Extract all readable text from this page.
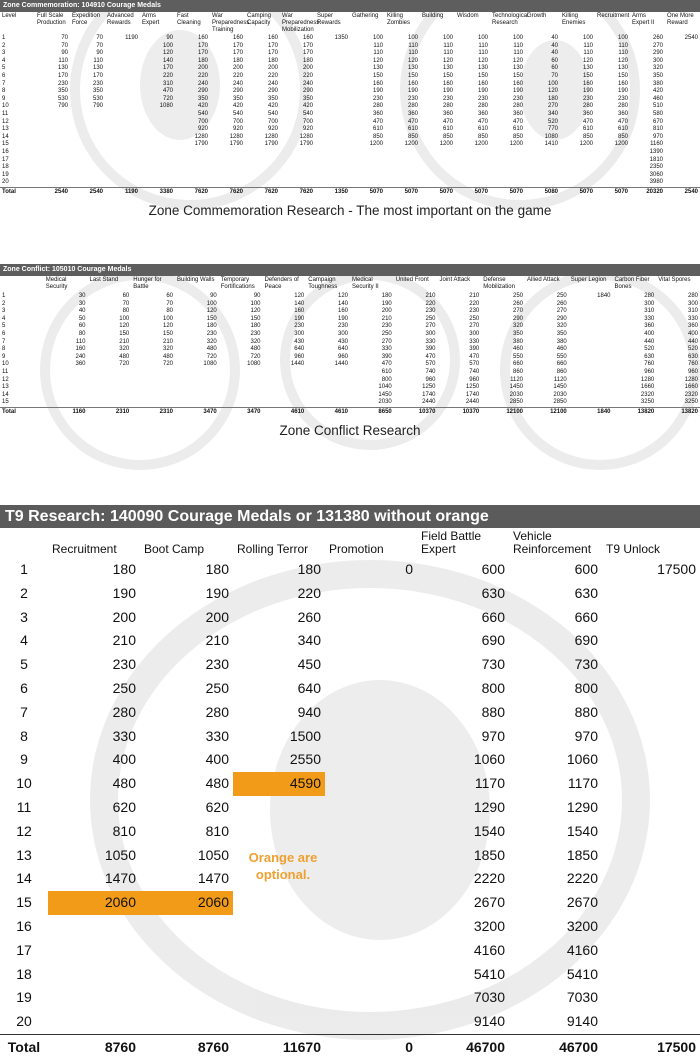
Zone Commemoration: 104910 Courage Medals
Level	Full Scale Production	Expedition Force	Advanced Rewards	Arms Expert	Fast Cleaning	War Preparedness Training	Camping Capacity	War Preparedness Mobilization	Super Rewards	Gathering	Killing Zombies	Building	Wisdom	Technological Research	Growth	Killing Enemies	Recruitment	Arms Expert II	One More Reward
1	70	70	1190	90	160	160	160	160	1350	100	100	100	100	100	40	100	100	260	2540
2	70	70		100	170	170	170	170		110	110	110	110	110	40	110	110	270	
3	90	90		120	170	170	170	170		110	110	110	110	110	40	110	110	290	
4	110	110		140	180	180	180	180		120	120	120	120	120	60	120	120	300	
5	130	130		170	200	200	200	200		130	130	130	130	130	60	130	130	320	
6	170	170		220	220	220	220	220		150	150	150	150	150	70	150	150	350	
7	230	230		310	240	240	240	240		160	160	160	160	160	100	160	160	380	
8	350	350		470	290	290	290	290		190	190	190	190	190	120	190	190	420	
9	530	530		720	350	350	350	350		230	230	230	230	230	180	230	230	460	
10	790	790		1080	420	420	420	420		280	280	280	280	280	270	280	280	510	
11					540	540	540	540		360	360	360	360	360	340	360	360	580	
12					700	700	700	700		470	470	470	470	470	520	470	470	670	
13					920	920	920	920		610	610	610	610	610	770	610	610	810	
14					1280	1280	1280	1280		850	850	850	850	850	1080	850	850	970	
15					1790	1790	1790	1790		1200	1200	1200	1200	1200	1410	1200	1200	1160	
16																		1390	
17																		1810	
18																		2350	
19																		3060	
20																		3980	
Total	2540	2540	1190	3380	7620	7620	7620	7620	1350	5070	5070	5070	5070	5070	5080	5070	5070	20320	2540
Zone Commemoration Research - The most important on the game
Zone Conflict: 105010 Courage Medals
	Medical Security	Last Stand	Hunger for Battle	Building Walls	Temporary Fortifications	Defenders of Peace	Campaign Toughness	Medical Security II	United Front	Joint Attack	Defense Mobilization	Allied Attack	Super Legion	Carbon Fiber Bones	Vital Spores
1	30	60	60	90	90	120	120	180	210	210	250	250	1840	280	280
2	30	70	70	100	100	140	140	190	220	220	260	260		300	300
3	40	80	80	120	120	160	160	200	230	230	270	270		310	310
4	50	100	100	150	150	190	190	210	250	250	290	290		330	330
5	60	120	120	180	180	230	230	230	270	270	320	320		360	360
6	80	150	150	230	230	300	300	250	300	300	350	350		400	400
7	110	210	210	320	320	430	430	270	330	330	380	380		440	440
8	160	320	320	480	480	640	640	330	390	390	460	460		520	520
9	240	480	480	720	720	960	960	390	470	470	550	550		630	630
10	360	720	720	1080	1080	1440	1440	470	570	570	660	660		760	760
11								610	740	740	860	860		960	960
12								800	960	960	1120	1120		1280	1280
13								1040	1250	1250	1450	1450		1660	1660
14								1450	1740	1740	2030	2030		2320	2320
15								2030	2440	2440	2850	2850		3250	3250
Total	1160	2310	2310	3470	3470	4610	4610	8650	10370	10370	12100	12100	1840	13820	13820
Zone Conflict Research
T9 Research: 140090 Courage Medals or 131380 without orange
	Recruitment	Boot Camp	Rolling Terror	Promotion	Field Battle Expert	Vehicle Reinforcement	T9 Unlock
1	180	180	180	0	600	600	17500
2	190	190	220		630	630	
3	200	200	260		660	660	
4	210	210	340		690	690	
5	230	230	450		730	730	
6	250	250	640		800	800	
7	280	280	940		880	880	
8	330	330	1500		970	970	
9	400	400	2550		1060	1060	
10	480	480	4590		1170	1170	
11	620	620			1290	1290	
12	810	810			1540	1540	
13	1050	1050			1850	1850	
14	1470	1470			2220	2220	
15	2060	2060			2670	2670	
16					3200	3200	
17					4160	4160	
18					5410	5410	
19					7030	7030	
20					9140	9140	
Total	8760	8760	11670	0	46700	46700	17500
Orange are optional.
